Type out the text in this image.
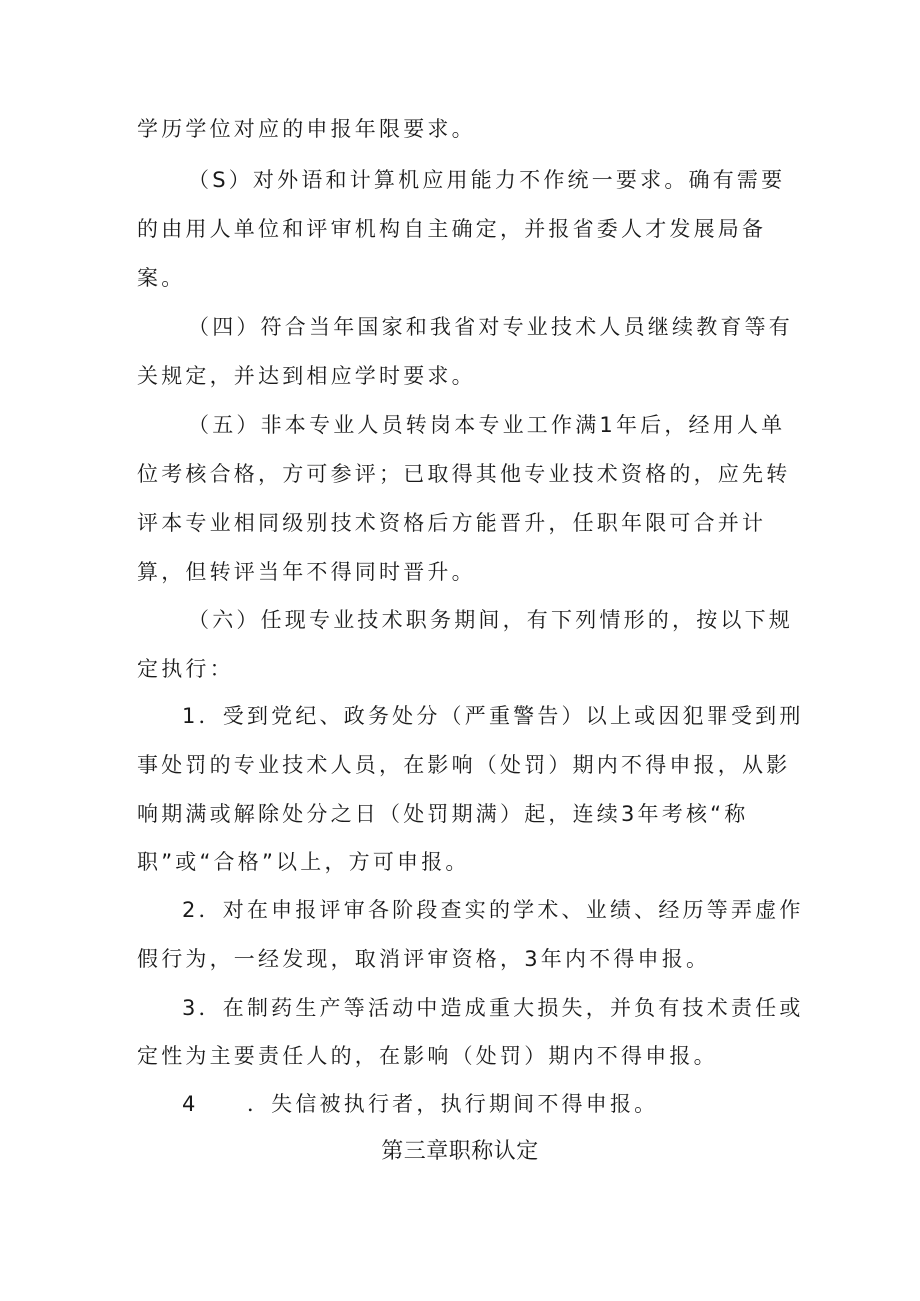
学历学位对应的申报年限要求。
（S）对外语和计算机应用能力不作统一要求。确有需要
的由用人单位和评审机构自主确定，并报省委人才发展局备
案。
（四）符合当年国家和我省对专业技术人员继续教育等有
关规定，并达到相应学时要求。
（五）非本专业人员转岗本专业工作满1年后，经用人单
位考核合格，方可参评；已取得其他专业技术资格的，应先转
评本专业相同级别技术资格后方能晋升，任职年限可合并计
算，但转评当年不得同时晋升。
（六）任现专业技术职务期间，有下列情形的，按以下规
定执行：
1．受到党纪、政务处分（严重警告）以上或因犯罪受到刑
事处罚的专业技术人员，在影响（处罚）期内不得申报，从影
响期满或解除处分之日（处罚期满）起，连续3年考核“称
职”或“合格”以上，方可申报。
2．对在申报评审各阶段查实的学术、业绩、经历等弄虚作
假行为，一经发现，取消评审资格，3年内不得申报。
3．在制药生产等活动中造成重大损失，并负有技术责任或
定性为主要责任人的，在影响（处罚）期内不得申报。
4　　．失信被执行者，执行期间不得申报。
第三章职称认定
